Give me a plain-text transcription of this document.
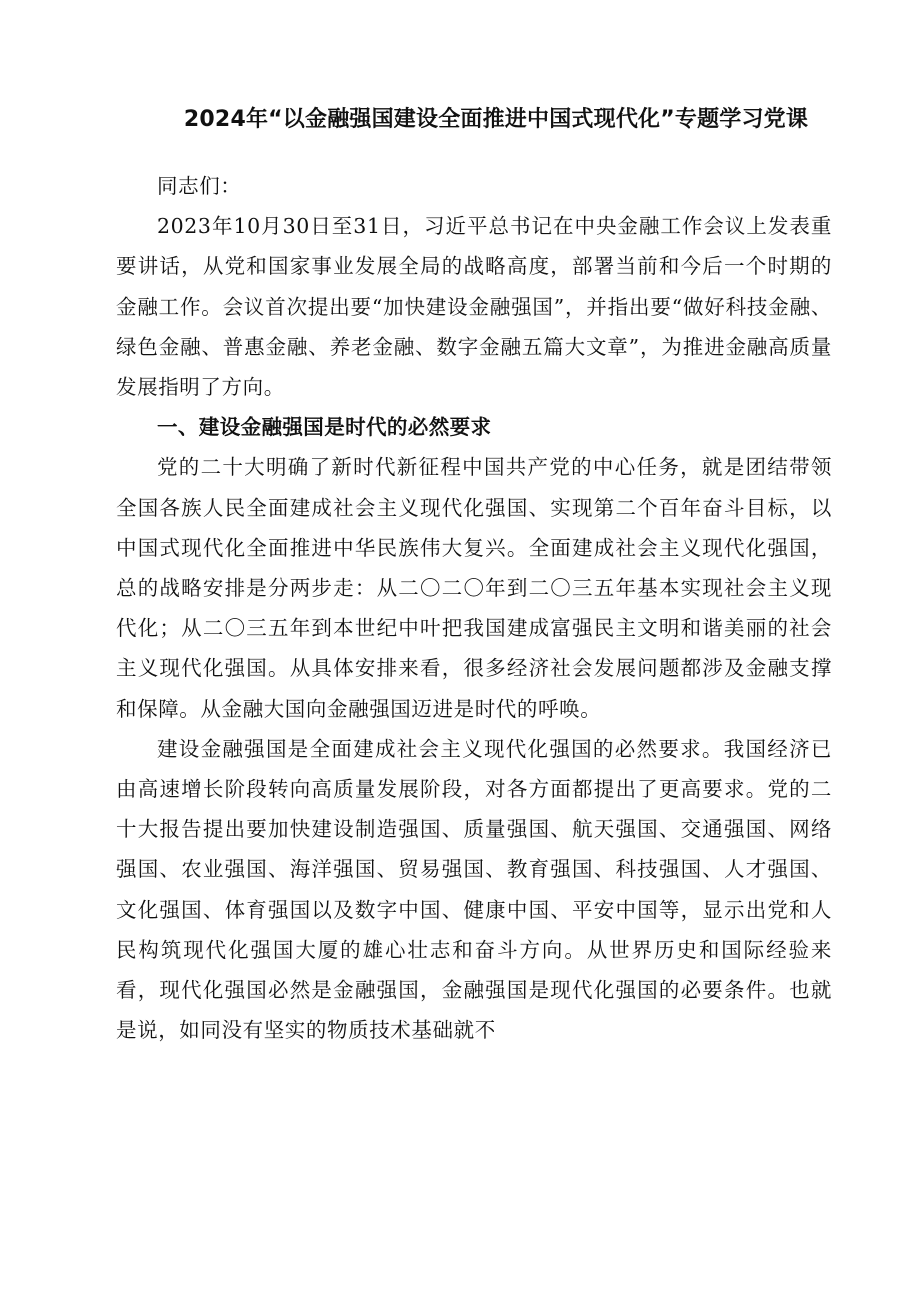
2024年“以金融强国建设全面推进中国式现代化”专题学习党课

同志们：

2023年10月30日至31日，习近平总书记在中央金融工作会议上发表重要讲话，从党和国家事业发展全局的战略高度，部署当前和今后一个时期的金融工作。会议首次提出要“加快建设金融强国”，并指出要“做好科技金融、绿色金融、普惠金融、养老金融、数字金融五篇大文章”，为推进金融高质量发展指明了方向。

一、建设金融强国是时代的必然要求

党的二十大明确了新时代新征程中国共产党的中心任务，就是团结带领全国各族人民全面建成社会主义现代化强国、实现第二个百年奋斗目标，以中国式现代化全面推进中华民族伟大复兴。全面建成社会主义现代化强国，总的战略安排是分两步走：从二〇二〇年到二〇三五年基本实现社会主义现代化；从二〇三五年到本世纪中叶把我国建成富强民主文明和谐美丽的社会主义现代化强国。从具体安排来看，很多经济社会发展问题都涉及金融支撑和保障。从金融大国向金融强国迈进是时代的呼唤。

建设金融强国是全面建成社会主义现代化强国的必然要求。我国经济已由高速增长阶段转向高质量发展阶段，对各方面都提出了更高要求。党的二十大报告提出要加快建设制造强国、质量强国、航天强国、交通强国、网络强国、农业强国、海洋强国、贸易强国、教育强国、科技强国、人才强国、文化强国、体育强国以及数字中国、健康中国、平安中国等，显示出党和人民构筑现代化强国大厦的雄心壮志和奋斗方向。从世界历史和国际经验来看，现代化强国必然是金融强国，金融强国是现代化强国的必要条件。也就是说，如同没有坚实的物质技术基础就不
